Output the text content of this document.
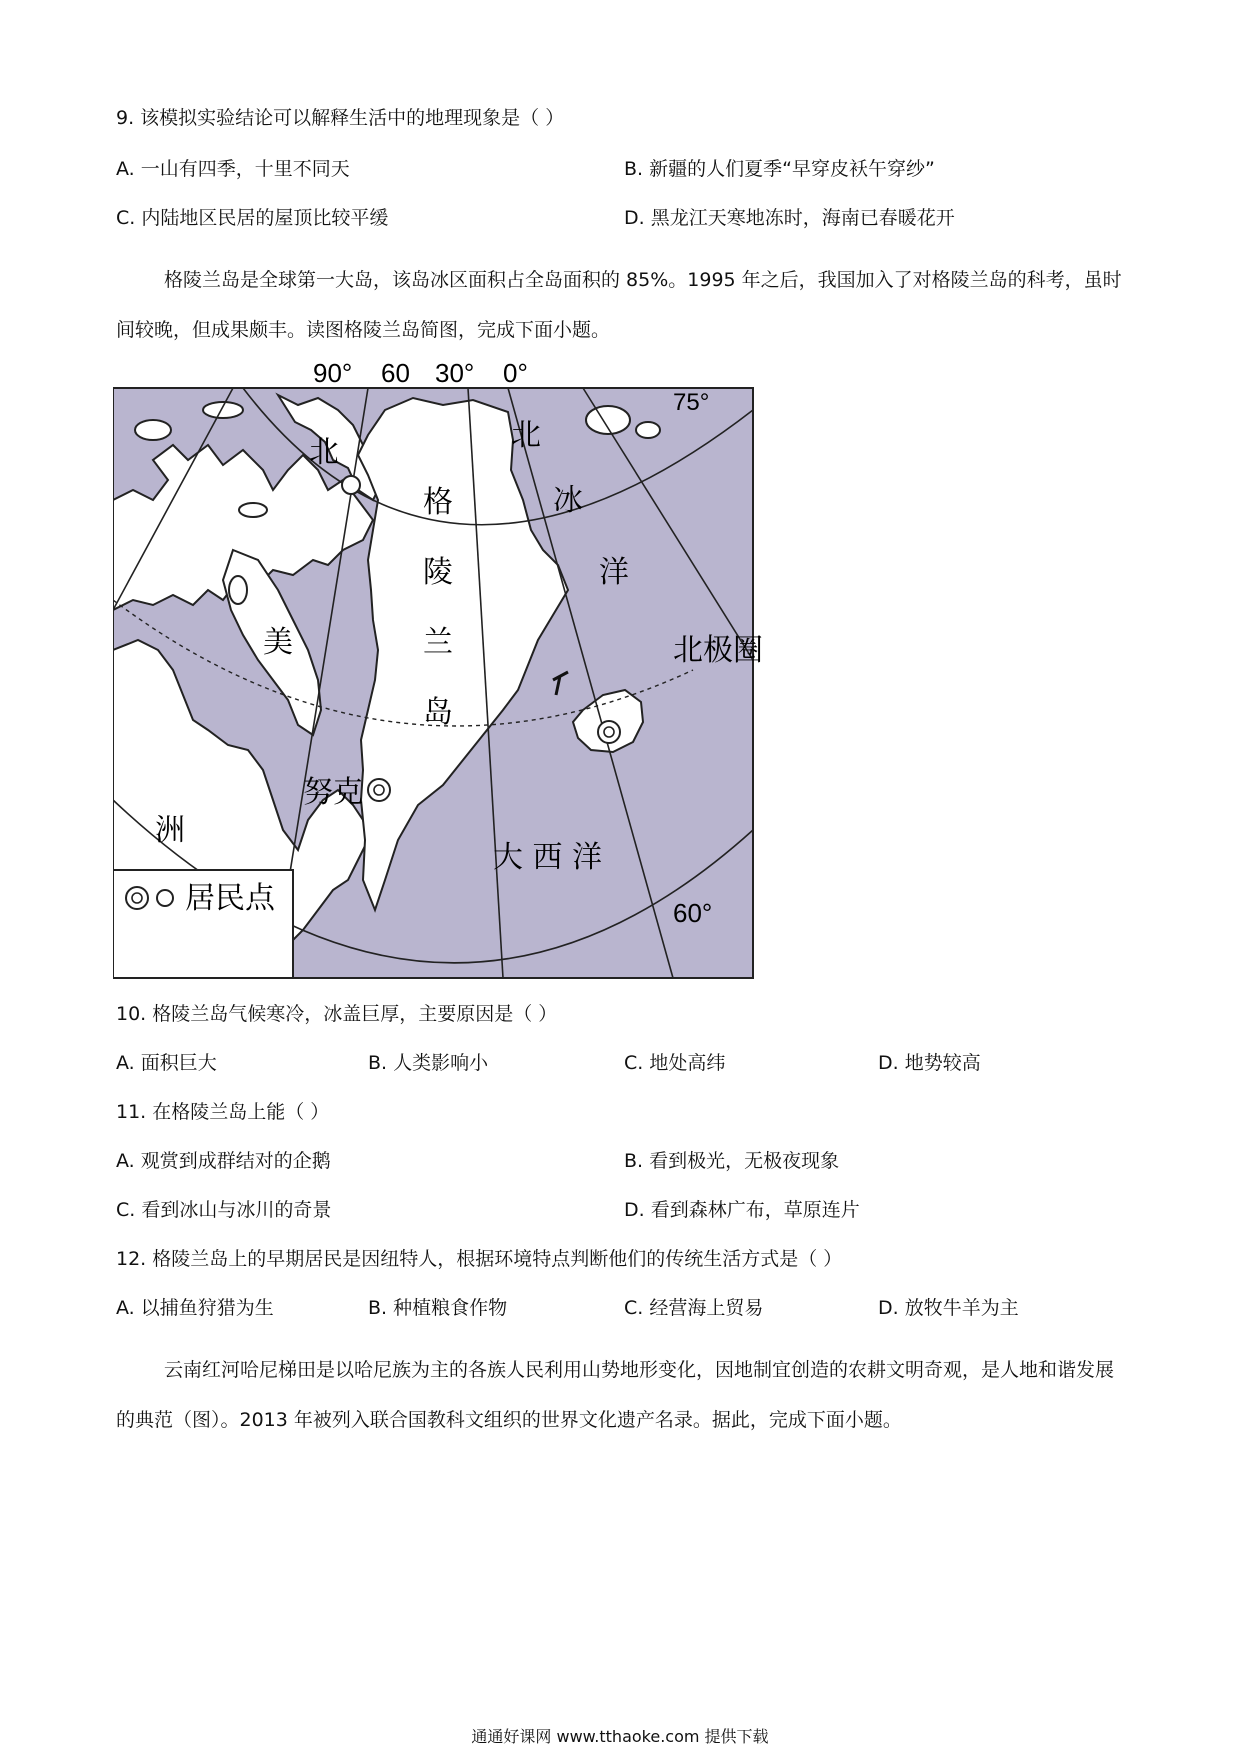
9. 该模拟实验结论可以解释生活中的地理现象是（ ）
A. 一山有四季，十里不同天	B. 新疆的人们夏季“早穿皮袄午穿纱”
C. 内陆地区民居的屋顶比较平缓	D. 黑龙江天寒地冻时，海南已春暖花开
格陵兰岛是全球第一大岛，该岛冰区面积占全岛面积的 85%。1995 年之后，我国加入了对格陵兰岛的科考，虽时间较晚，但成果颇丰。读图格陵兰岛简图，完成下面小题。
90° 60 30° 0°
75°
60°
北极圈
格
陵
兰
岛
北
冰
洋
北
美
洲
大 西 洋
努克
居民点
10. 格陵兰岛气候寒冷，冰盖巨厚，主要原因是（ ）
A. 面积巨大	B. 人类影响小	C. 地处高纬	D. 地势较高
11. 在格陵兰岛上能（ ）
A. 观赏到成群结对的企鹅	B. 看到极光，无极夜现象
C. 看到冰山与冰川的奇景	D. 看到森林广布，草原连片
12. 格陵兰岛上的早期居民是因纽特人，根据环境特点判断他们的传统生活方式是（ ）
A. 以捕鱼狩猎为生	B. 种植粮食作物	C. 经营海上贸易	D. 放牧牛羊为主
云南红河哈尼梯田是以哈尼族为主的各族人民利用山势地形变化，因地制宜创造的农耕文明奇观，是人地和谐发展的典范（图）。2013 年被列入联合国教科文组织的世界文化遗产名录。据此，完成下面小题。
通通好课网 www.tthaoke.com 提供下载
